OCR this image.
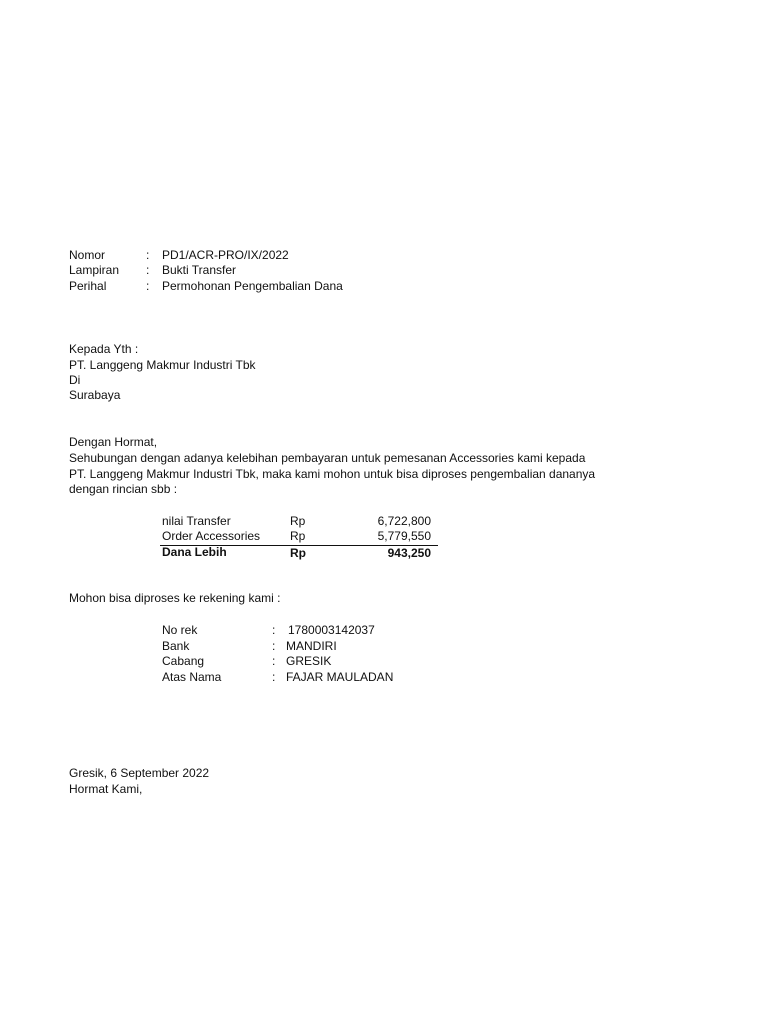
Nomor	: PD1/ACR-PRO/IX/2022
Lampiran : Bukti Transfer
Perihal	: Permohonan Pengembalian Dana
Kepada Yth :
PT. Langgeng Makmur Industri Tbk
Di
Surabaya
Dengan Hormat,
Sehubungan dengan adanya kelebihan pembayaran untuk pemesanan Accessories kami kepada
PT. Langgeng Makmur Industri Tbk, maka kami mohon untuk bisa diproses pengembalian dananya
dengan rincian sbb :
nilai Transfer	Rp	6,722,800
Order Accessories Rp	5,779,550
Dana Lebih	Rp	943,250
Mohon bisa diproses ke rekening kami :
No rek	: 1780003142037
Bank	: MANDIRI
Cabang	: GRESIK
Atas Nama	: FAJAR MAULADAN
Gresik, 6 September 2022
Hormat Kami,
